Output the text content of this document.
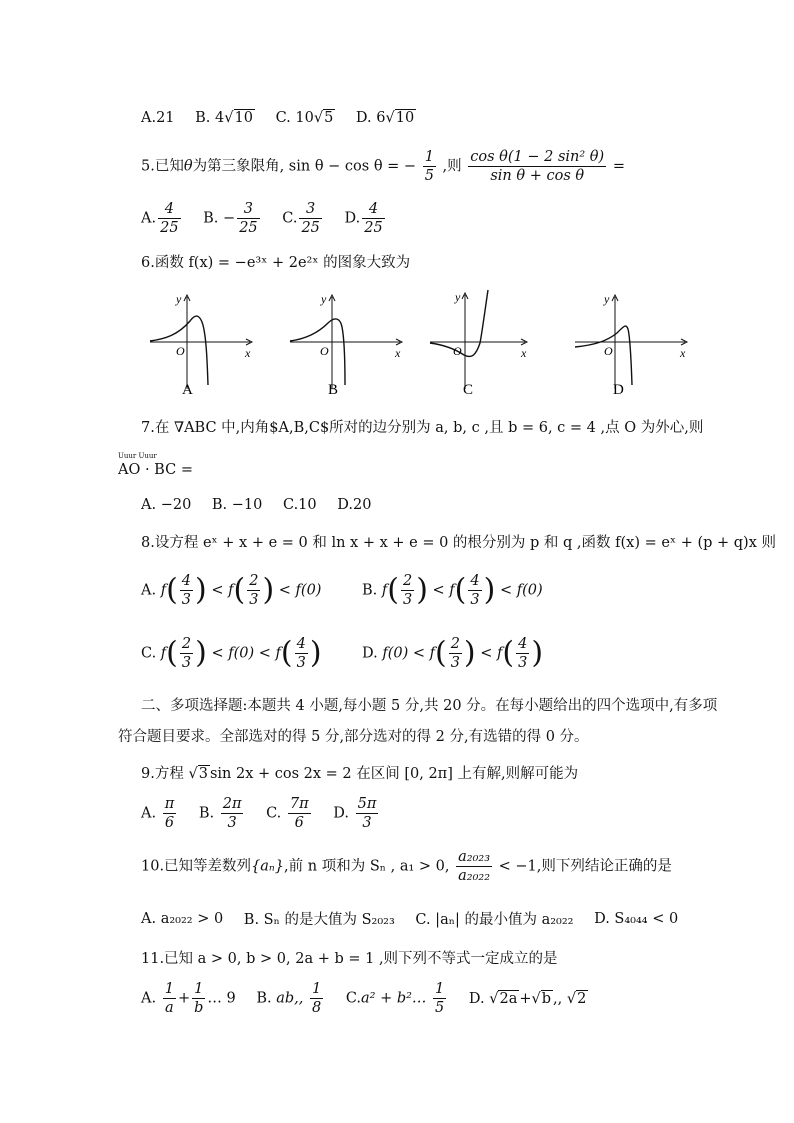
A.21 B. 4√10 C. 10√5 D. 6√10
5.已知θ为第三象限角, sin θ − cos θ = − $\frac{1}{5}$ ,则 $\frac{\text{cos θ(1 − 2 sin² θ)}}{\text{sin θ + cos θ}}$ =
A. $\frac{4}{25} B$. − $\frac{3}{25} C$. $\frac{3}{25} D$. $\frac{4}{25}$
6.函数 f(x) = −e³ˣ + 2e²ˣ 的图象大致为
y
x
O
A
y
x
O
B
y
x
O
C
y
x
O
D
7.在 ∇ABC 中,内角$A,B,C$所对的边分别为 a, b, c ,且 b = 6, c = 4 ,点 O 为外心,则
Uuur Uuur
AO · BC =
A. −20 B. −10 C.10 D.20
8.设方程 eˣ + x + e = 0 和 ln x + x + e = 0 的根分别为 p 和 q ,函数 f(x) = eˣ + (p + q)x 则
A. $f( \frac{4}{3}$ ) < $f( \frac{2}{3}$ ) < f(0)	B. $f( \frac{2}{3}$ ) < $f( \frac{4}{3}$ ) < f(0)
C. $f( \frac{2}{3}$ ) < $f(0) < f( \frac{4}{3}$ )	D. $f(0) < f( \frac{2}{3}$ ) < $f( \frac{4}{3}$ )
二、多项选择题:本题共 4 小题,每小题 5 分,共 20 分。在每小题给出的四个选项中,有多项
符合题目要求。全部选对的得 5 分,部分选对的得 2 分,有选错的得 0 分。
9.方程 √3 sin 2x + cos 2x = 2 在区间 [0, 2π] 上有解,则解可能为
A. $\frac{\pi}{6} B$. $\frac{2\pi}{3} C$. $\frac{7\pi}{6} D$. $\frac{5\pi}{3}$
10.已知等差数列{aₙ},前 n 项和为 Sₙ , a₁ > 0, $\frac{\text{a₂₀₂₃}}{\text{a₂₀₂₂}} < -1$,则下列结论正确的是
A. a₂₀₂₂ > 0 B. Sₙ 的是大值为 S₂₀₂₃ C. |aₙ| 的最小值为 a₂₀₂₂ D. S₄₀₄₄ < 0
11.已知 a > 0, b > 0, 2a + b = 1 ,则下列不等式一定成立的是
A. $\frac{1}{a} + \frac{1}{b}$ … 9 B. ab,, $\frac{1}{8} C.a^2$ + b²… $\frac{1}{5} D$. √2a +√b ,, √2
